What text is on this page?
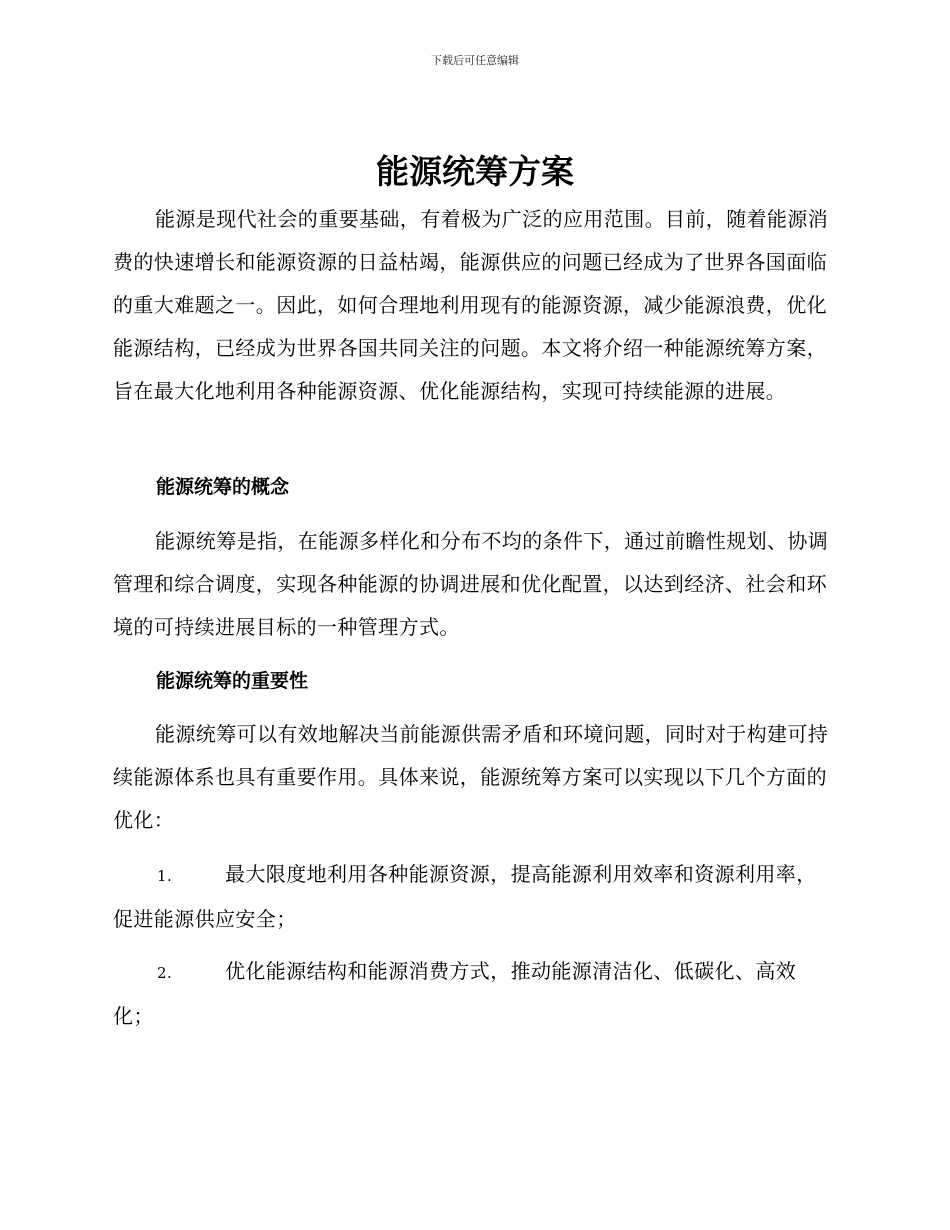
下载后可任意编辑
能源统筹方案

能源是现代社会的重要基础，有着极为广泛的应用范围。目前，随着能源消费的快速增长和能源资源的日益枯竭，能源供应的问题已经成为了世界各国面临的重大难题之一。因此，如何合理地利用现有的能源资源，减少能源浪费，优化能源结构，已经成为世界各国共同关注的问题。本文将介绍一种能源统筹方案，旨在最大化地利用各种能源资源、优化能源结构，实现可持续能源的进展。

能源统筹的概念

能源统筹是指，在能源多样化和分布不均的条件下，通过前瞻性规划、协调管理和综合调度，实现各种能源的协调进展和优化配置，以达到经济、社会和环境的可持续进展目标的一种管理方式。

能源统筹的重要性

能源统筹可以有效地解决当前能源供需矛盾和环境问题，同时对于构建可持续能源体系也具有重要作用。具体来说，能源统筹方案可以实现以下几个方面的优化：

1.	最大限度地利用各种能源资源，提高能源利用效率和资源利用率，促进能源供应安全；

2.	优化能源结构和能源消费方式，推动能源清洁化、低碳化、高效化；
